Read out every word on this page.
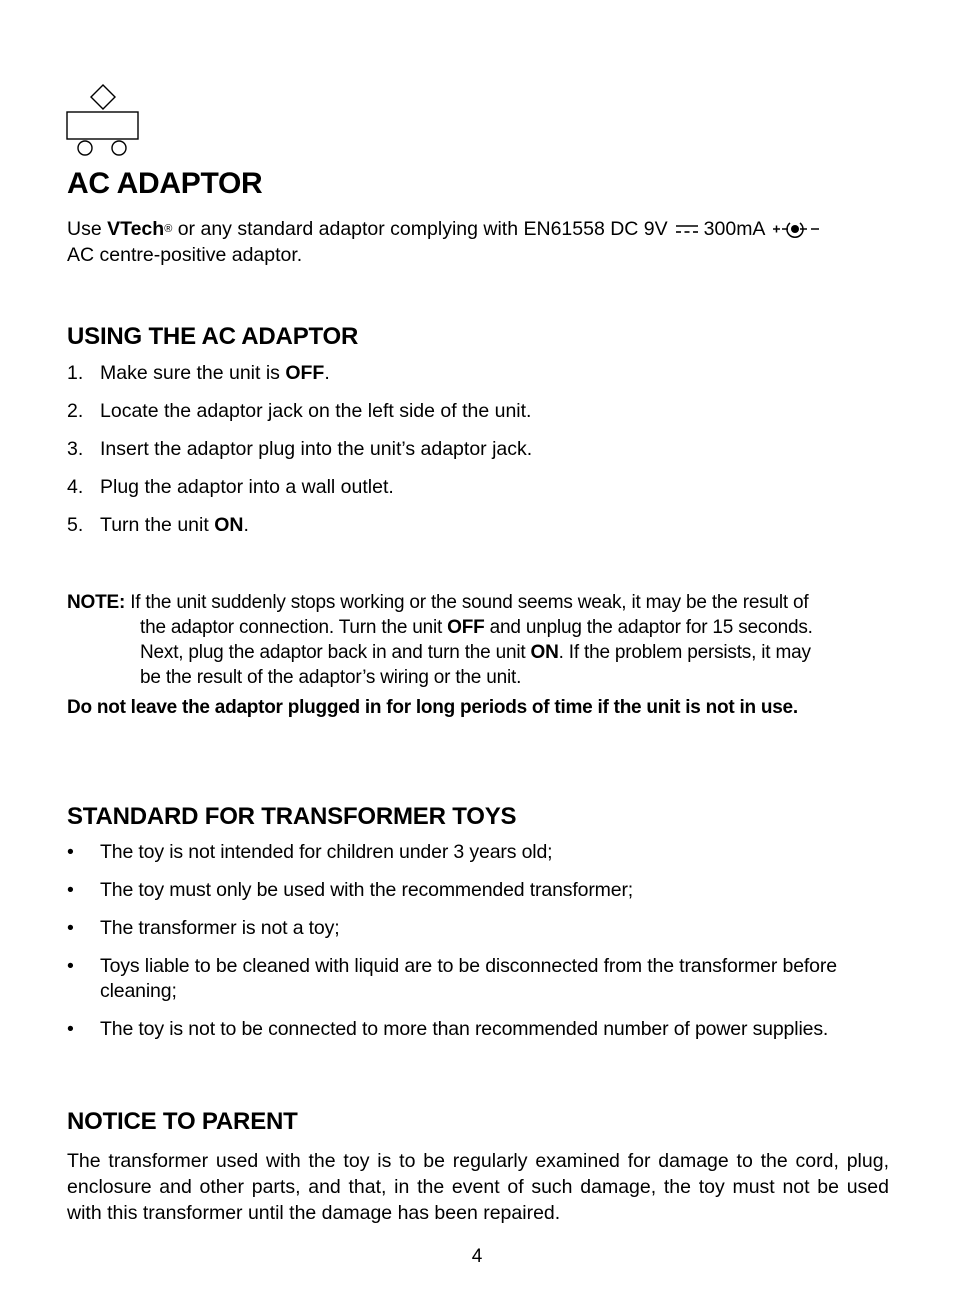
AC ADAPTOR
Use VTech ® or any standard adaptor complying with EN61558 DC 9V 300mA
AC centre-positive adaptor.
USING THE AC ADAPTOR
1. Make sure the unit is OFF.
2. Locate the adaptor jack on the left side of the unit.
3. Insert the adaptor plug into the unit’s adaptor jack.
4. Plug the adaptor into a wall outlet.
5. Turn the unit ON.
NOTE: If the unit suddenly stops working or the sound seems weak, it may be the result of
the adaptor connection. Turn the unit OFF and unplug the adaptor for 15 seconds.
Next, plug the adaptor back in and turn the unit ON. If the problem persists, it may
be the result of the adaptor’s wiring or the unit.

Do not leave the adaptor plugged in for long periods of time if the unit is not in use.

STANDARD FOR TRANSFORMER TOYS
•	The toy is not intended for children under 3 years old;
•	The toy must only be used with the recommended transformer;
•	The transformer is not a toy;
•	Toys liable to be cleaned with liquid are to be disconnected from the transformer before cleaning;
•	The toy is not to be connected to more than recommended number of power supplies.
NOTICE TO PARENT

The transformer used with the toy is to be regularly examined for damage to the cord, plug, enclosure and other parts, and that, in the event of such damage, the toy must not be used with this transformer until the damage has been repaired.

4
